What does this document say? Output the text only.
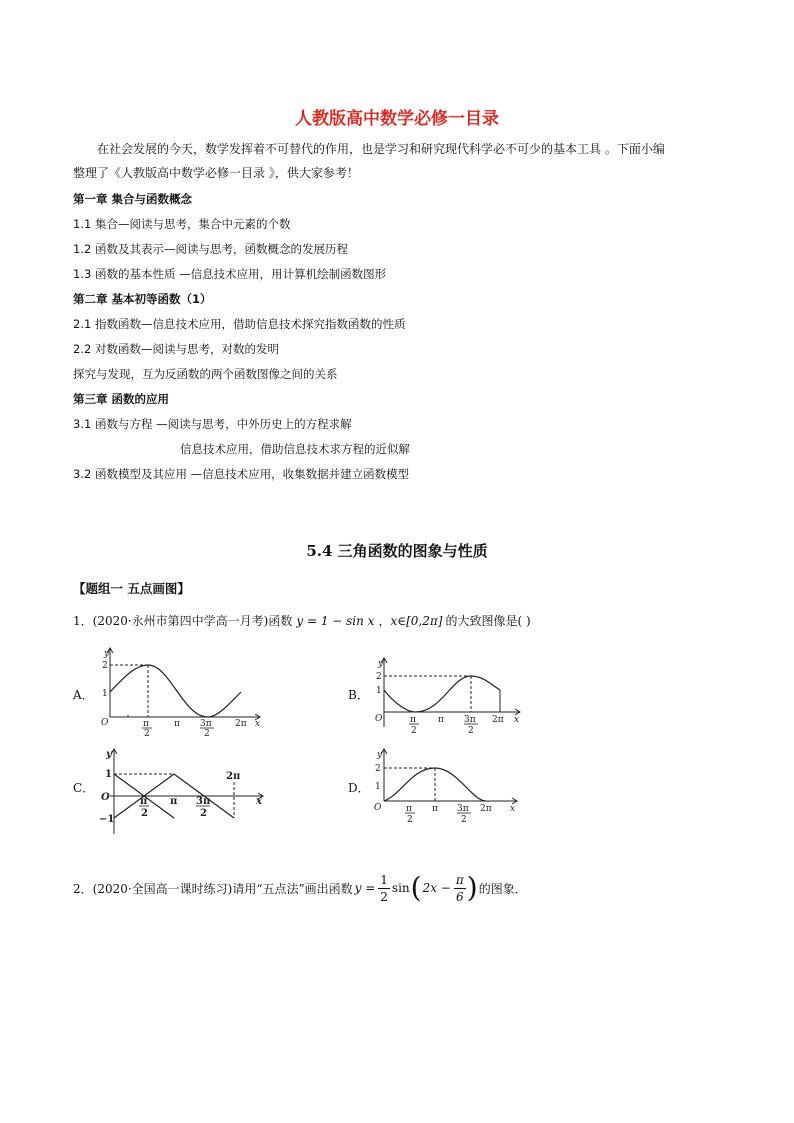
人教版高中数学必修一目录
在社会发展的今天，数学发挥着不可替代的作用，也是学习和研究现代科学必不可少的基本工具 。下面小编
整理了《人教版高中数学必修一目录 》，供大家参考！
第一章 集合与函数概念
1.1 集合—阅读与思考，集合中元素的个数
1.2 函数及其表示—阅读与思考，函数概念的发展历程
1.3 函数的基本性质 —信息技术应用，用计算机绘制函数图形
第二章 基本初等函数（1）
2.1 指数函数—信息技术应用，借助信息技术探究指数函数的性质
2.2 对数函数—阅读与思考，对数的发明
探究与发现，互为反函数的两个函数图像之间的关系
第三章 函数的应用
3.1 函数与方程 —阅读与思考，中外历史上的方程求解
信息技术应用，借助信息技术求方程的近似解
3.2 函数模型及其应用 —信息技术应用，收集数据并建立函数模型
5.4 三角函数的图象与性质
【题组一 五点画图】
1．(2020·永州市第四中学高一月考)函数 y = 1 − sin x ，x∈[0,2π] 的大致图像是( )
A．	B．
C．	D．
y
2
1
O	π
2
π 3π
2
2π x
y
2
1
O	π
2
π 3π
2
2π x
y
1
O
−1
π
2
π 3π
2
2π
x
y
2
1
O	π
2
π 3π
2
2π x
2．(2020·全国高一课时练习)请用“五点法”画出函数 $y = \frac{1}{2}$ sin ( $2x - \frac{\pi}{6}$ ) 的图象．
